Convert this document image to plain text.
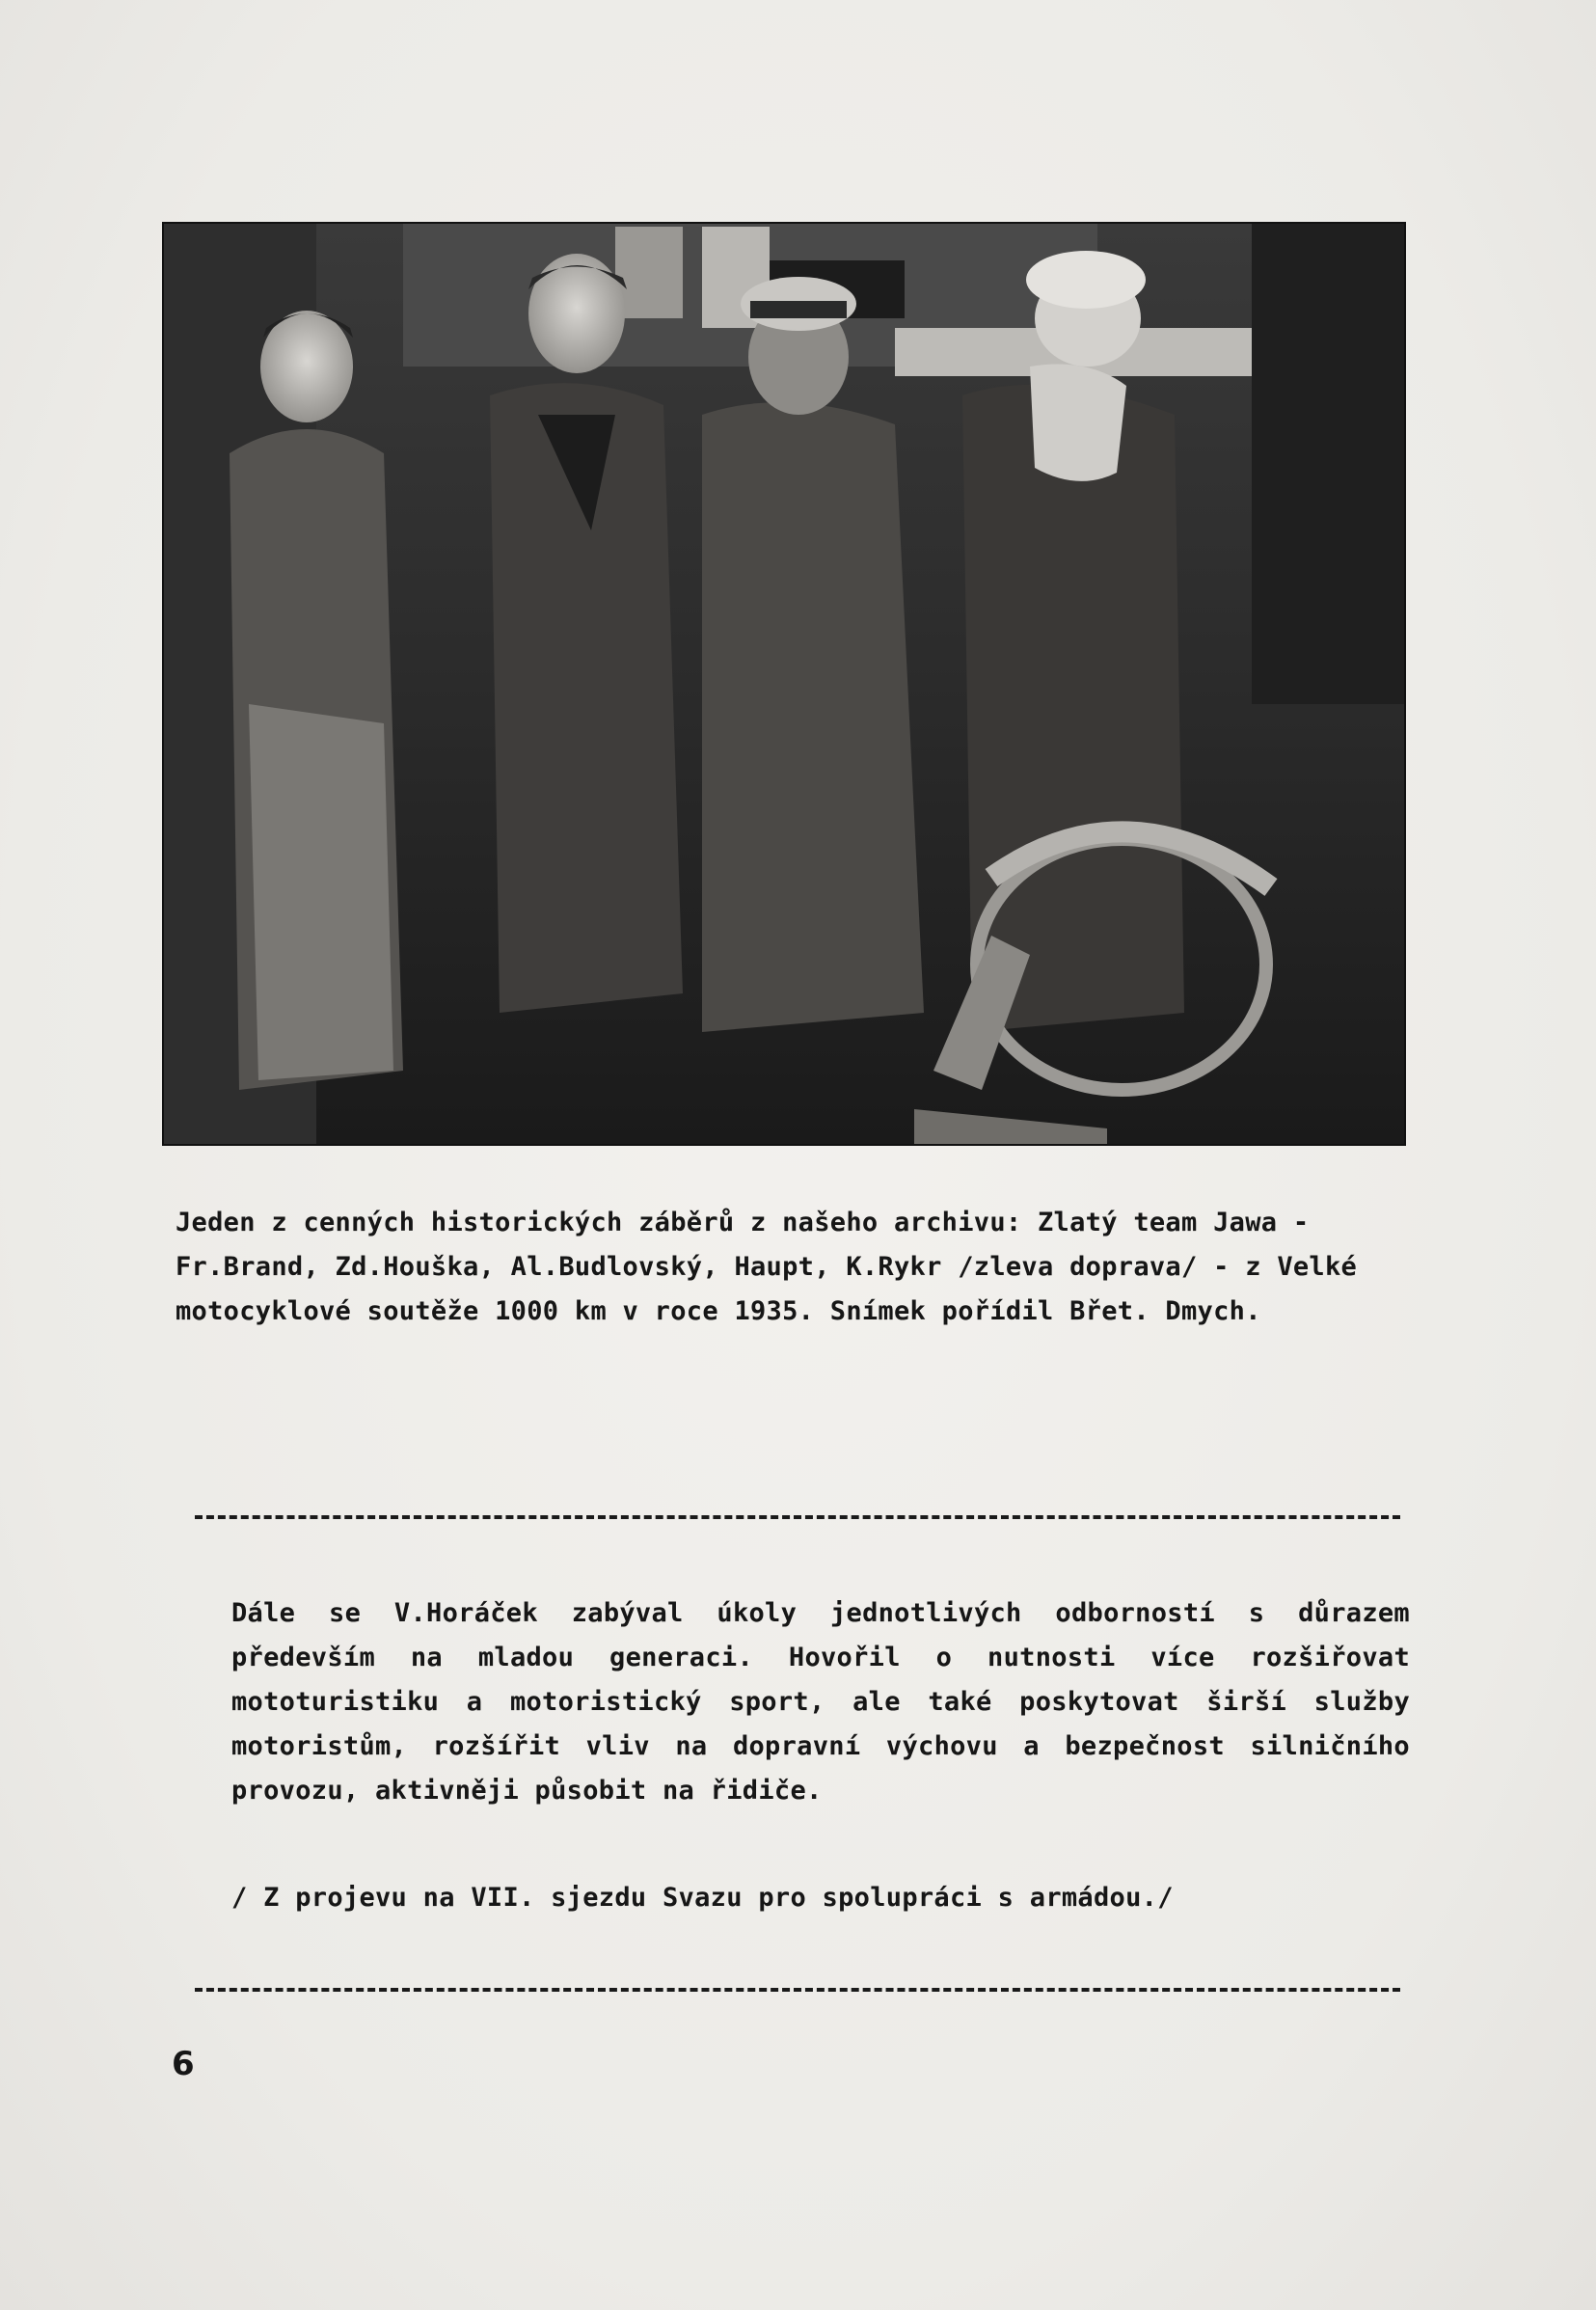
Jeden z cenných historických záběrů z našeho archivu: Zlatý team Jawa - Fr.Brand, Zd.Houška, Al.Budlovský, Haupt, K.Rykr /zleva doprava/ - z Velké motocyklové soutěže 1000 km v roce 1935. Snímek pořídil Břet. Dmych.
Dále se V.Horáček zabýval úkoly jednotlivých odborností s důrazem především na mladou generaci. Hovořil o nutnosti více rozšiřovat mototuristiku a motoristický sport, ale také poskytovat širší služby motoristům, rozšířit vliv na dopravní výchovu a bezpečnost silničního provozu, aktivněji působit na řidiče.
/ Z projevu na VII. sjezdu Svazu pro spolupráci s armádou./
6
